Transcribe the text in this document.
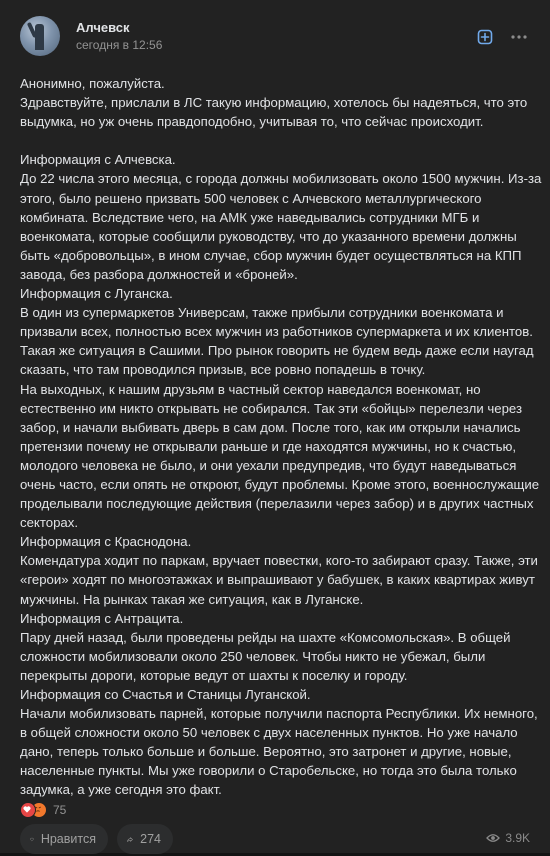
Алчевск
сегодня в 12:56

Анонимно, пожалуйста.

Здравствуйте, прислали в ЛС такую информацию, хотелось бы надеяться, что это

выдумка, но уж очень правдоподобно, учитывая то, что сейчас происходит.

Информация с Алчевска.

До 22 числа этого месяца, с города должны мобилизовать около 1500 мужчин. Из-за

этого, было решено призвать 500 человек с Алчевского металлургического

комбината. Вследствие чего, на АМК уже наведывались сотрудники МГБ и

военкомата, которые сообщили руководству, что до указанного времени должны

быть «добровольцы», в ином случае, сбор мужчин будет осуществляться на КПП

завода, без разбора должностей и «броней».

Информация с Луганска.

В один из супермаркетов Универсам, также прибыли сотрудники военкомата и

призвали всех, полностью всех мужчин из работников супермаркета и их клиентов.

Такая же ситуация в Сашими. Про рынок говорить не будем ведь даже если наугад

сказать, что там проводился призыв, все ровно попадешь в точку.

На выходных, к нашим друзьям в частный сектор наведался военкомат, но

естественно им никто открывать не собирался. Так эти «бойцы» перелезли через

забор, и начали выбивать дверь в сам дом. После того, как им открыли начались

претензии почему не открывали раньше и где находятся мужчины, но к счастью,

молодого человека не было, и они уехали предупредив, что будут наведываться

очень часто, если опять не откроют, будут проблемы. Кроме этого, военнослужащие

проделывали последующие действия (перелазили через забор) и в других частных

секторах.

Информация с Краснодона.

Комендатура ходит по паркам, вручает повестки, кого-то забирают сразу. Также, эти

«герои» ходят по многоэтажках и выпрашивают у бабушек, в каких квартирах живут

мужчины. На рынках такая же ситуация, как в Луганске.

Информация с Антрацита.

Пару дней назад, были проведены рейды на шахте «Комсомольская». В общей

сложности мобилизовали около 250 человек. Чтобы никто не убежал, были

перекрыты дороги, которые ведут от шахты к поселку и городу.

Информация со Счастья и Станицы Луганской.

Начали мобилизовать парней, которые получили паспорта Республики. Их немного,

в общей сложности около 50 человек с двух населенных пунктов. Но уже начало

дано, теперь только больше и больше. Вероятно, это затронет и другие, новые,

населенные пункты. Мы уже говорили о Старобельске, но тогда это была только

задумка, а уже сегодня это факт.

75
Нравится	274	3.9K
